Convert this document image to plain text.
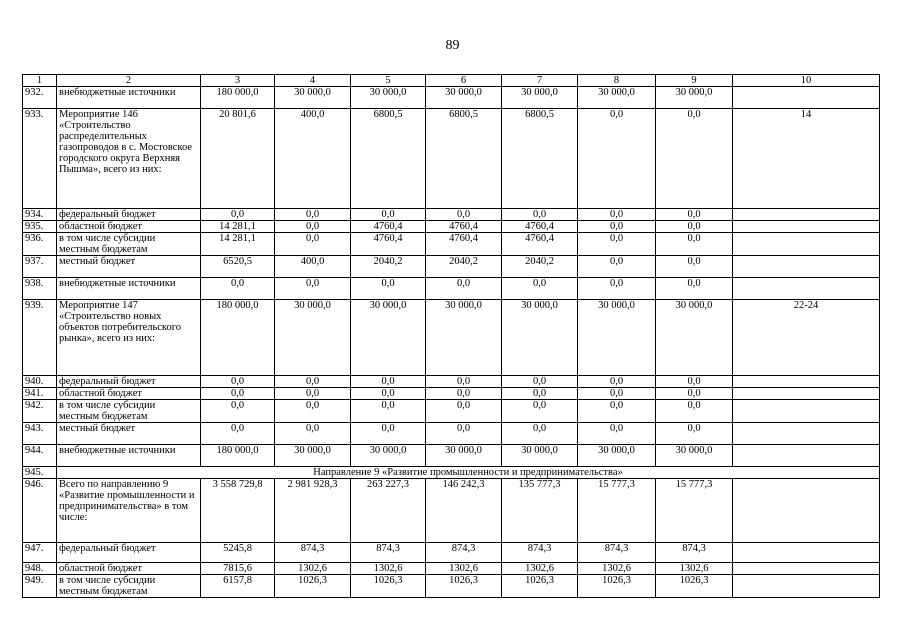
89
1	2	3	4	5	6	7	8	9	10
932.	внебюджетные источники	180 000,0	30 000,0	30 000,0	30 000,0	30 000,0	30 000,0	30 000,0	
933.	Мероприятие 146 «Строительство распределительных газопроводов в с. Мостовское городского округа Верхняя Пышма», всего из них:	20 801,6	400,0	6800,5	6800,5	6800,5	0,0	0,0	14
934.	федеральный бюджет	0,0	0,0	0,0	0,0	0,0	0,0	0,0	
935.	областной бюджет	14 281,1	0,0	4760,4	4760,4	4760,4	0,0	0,0	
936.	в том числе субсидии местным бюджетам	14 281,1	0,0	4760,4	4760,4	4760,4	0,0	0,0	
937.	местный бюджет	6520,5	400,0	2040,2	2040,2	2040,2	0,0	0,0	
938.	внебюджетные источники	0,0	0,0	0,0	0,0	0,0	0,0	0,0	
939.	Мероприятие 147 «Строительство новых объектов потребительского рынка», всего из них:	180 000,0	30 000,0	30 000,0	30 000,0	30 000,0	30 000,0	30 000,0	22-24
940.	федеральный бюджет	0,0	0,0	0,0	0,0	0,0	0,0	0,0	
941.	областной бюджет	0,0	0,0	0,0	0,0	0,0	0,0	0,0	
942.	в том числе субсидии местным бюджетам	0,0	0,0	0,0	0,0	0,0	0,0	0,0	
943.	местный бюджет	0,0	0,0	0,0	0,0	0,0	0,0	0,0	
944.	внебюджетные источники	180 000,0	30 000,0	30 000,0	30 000,0	30 000,0	30 000,0	30 000,0	
945.	Направление 9 «Развитие промышленности и предпринимательства»								
946.	Всего по направлению 9 «Развитие промышленности и предпринимательства» в том числе:	3 558 729,8	2 981 928,3	263 227,3	146 242,3	135 777,3	15 777,3	15 777,3	
947.	федеральный бюджет	5245,8	874,3	874,3	874,3	874,3	874,3	874,3	
948.	областной бюджет	7815,6	1302,6	1302,6	1302,6	1302,6	1302,6	1302,6	
949.	в том числе субсидии местным бюджетам	6157,8	1026,3	1026,3	1026,3	1026,3	1026,3	1026,3	
